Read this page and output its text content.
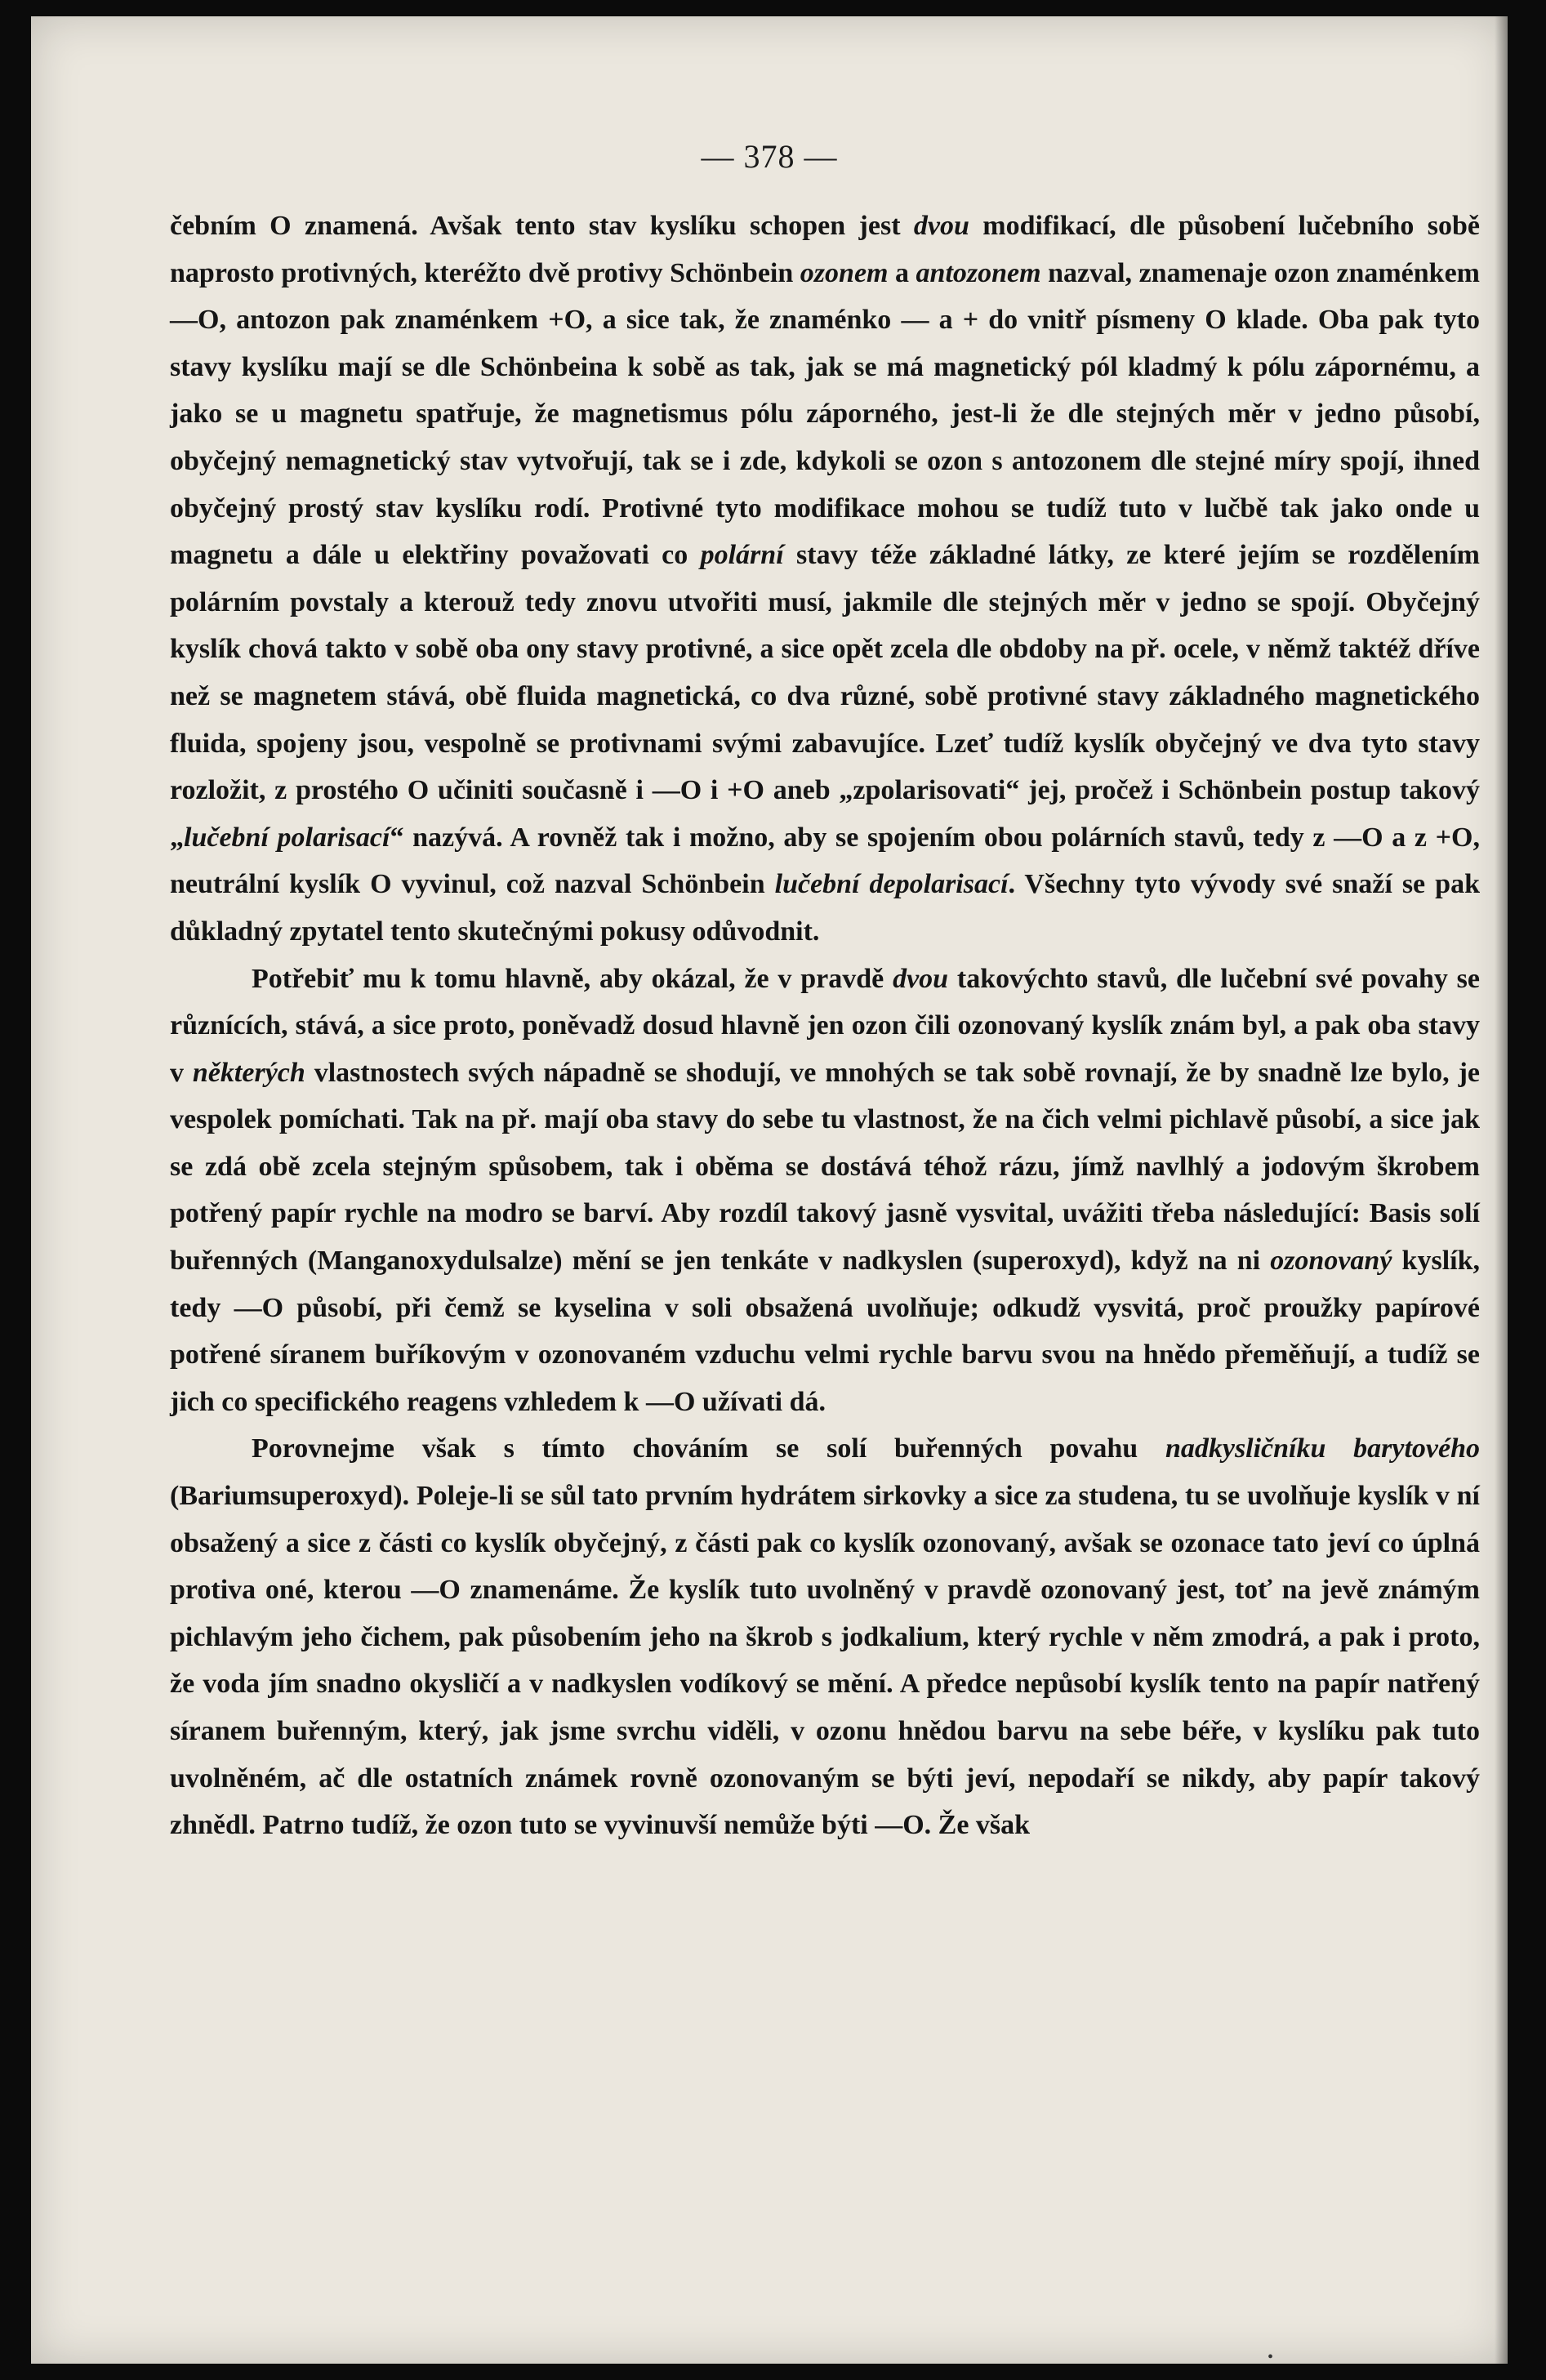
— 378 —

čebním O znamená. Avšak tento stav kyslíku schopen jest dvou modifikací, dle působení lučebního sobě naprosto protivných, kteréžto dvě protivy Schönbein ozonem a antozonem nazval, znamenaje ozon znaménkem —O, antozon pak znaménkem +O, a sice tak, že znaménko — a + do vnitř písmeny O klade. Oba pak tyto stavy kyslíku mají se dle Schönbeina k sobě as tak, jak se má magnetický pól kladmý k pólu zápornému, a jako se u magnetu spatřuje, že magnetismus pólu záporného, jest-li že dle stejných měr v jedno působí, obyčejný nemagnetický stav vytvořují, tak se i zde, kdykoli se ozon s antozonem dle stejné míry spojí, ihned obyčejný prostý stav kyslíku rodí. Protivné tyto modifikace mohou se tudíž tuto v lučbě tak jako onde u magnetu a dále u elektřiny považovati co polární stavy téže základné látky, ze které jejím se rozdělením polárním povstaly a kterouž tedy znovu utvořiti musí, jakmile dle stejných měr v jedno se spojí. Obyčejný kyslík chová takto v sobě oba ony stavy protivné, a sice opět zcela dle obdoby na př. ocele, v němž taktéž dříve než se magnetem stává, obě fluida magnetická, co dva různé, sobě protivné stavy základného magnetického fluida, spojeny jsou, vespolně se protivnami svými zabavujíce. Lzeť tudíž kyslík obyčejný ve dva tyto stavy rozložit, z prostého O učiniti současně i —O i +O aneb „zpolarisovati“ jej, pročež i Schönbein postup takový „lučební polarisací“ nazývá. A rovněž tak i možno, aby se spojením obou polárních stavů, tedy z —O a z +O, neutrální kyslík O vyvinul, což nazval Schönbein lučební depolarisací. Všechny tyto vývody své snaží se pak důkladný zpytatel tento skutečnými pokusy odůvodnit.

Potřebiť mu k tomu hlavně, aby okázal, že v pravdě dvou takovýchto stavů, dle lučební své povahy se různících, stává, a sice proto, poněvadž dosud hlavně jen ozon čili ozonovaný kyslík znám byl, a pak oba stavy v některých vlastnostech svých nápadně se shodují, ve mnohých se tak sobě rovnají, že by snadně lze bylo, je vespolek pomíchati. Tak na př. mají oba stavy do sebe tu vlastnost, že na čich velmi pichlavě působí, a sice jak se zdá obě zcela stejným spůsobem, tak i oběma se dostává téhož rázu, jímž navlhlý a jodovým škrobem potřený papír rychle na modro se barví. Aby rozdíl takový jasně vysvital, uvážiti třeba následující: Basis solí buřenných (Manganoxydulsalze) mění se jen tenkáte v nadkyslen (superoxyd), když na ni ozonovaný kyslík, tedy —O působí, při čemž se kyselina v soli obsažená uvolňuje; odkudž vysvitá, proč proužky papírové potřené síranem buříkovým v ozonovaném vzduchu velmi rychle barvu svou na hnědo přeměňují, a tudíž se jich co specifického reagens vzhledem k —O užívati dá.

Porovnejme však s tímto chováním se solí buřenných povahu nadkysličníku barytového (Bariumsuperoxyd). Poleje-li se sůl tato prvním hydrátem sirkovky a sice za studena, tu se uvolňuje kyslík v ní obsažený a sice z části co kyslík obyčejný, z části pak co kyslík ozonovaný, avšak se ozonace tato jeví co úplná protiva oné, kterou —O znamenáme. Že kyslík tuto uvolněný v pravdě ozonovaný jest, toť na jevě známým pichlavým jeho čichem, pak působením jeho na škrob s jodkalium, který rychle v něm zmodrá, a pak i proto, že voda jím snadno okysličí a v nadkyslen vodíkový se mění. A předce nepůsobí kyslík tento na papír natřený síranem buřenným, který, jak jsme svrchu viděli, v ozonu hnědou barvu na sebe béře, v kyslíku pak tuto uvolněném, ač dle ostatních známek rovně ozonovaným se býti jeví, nepodaří se nikdy, aby papír takový zhnědl. Patrno tudíž, že ozon tuto se vyvinuvší nemůže býti —O. Že však

•
